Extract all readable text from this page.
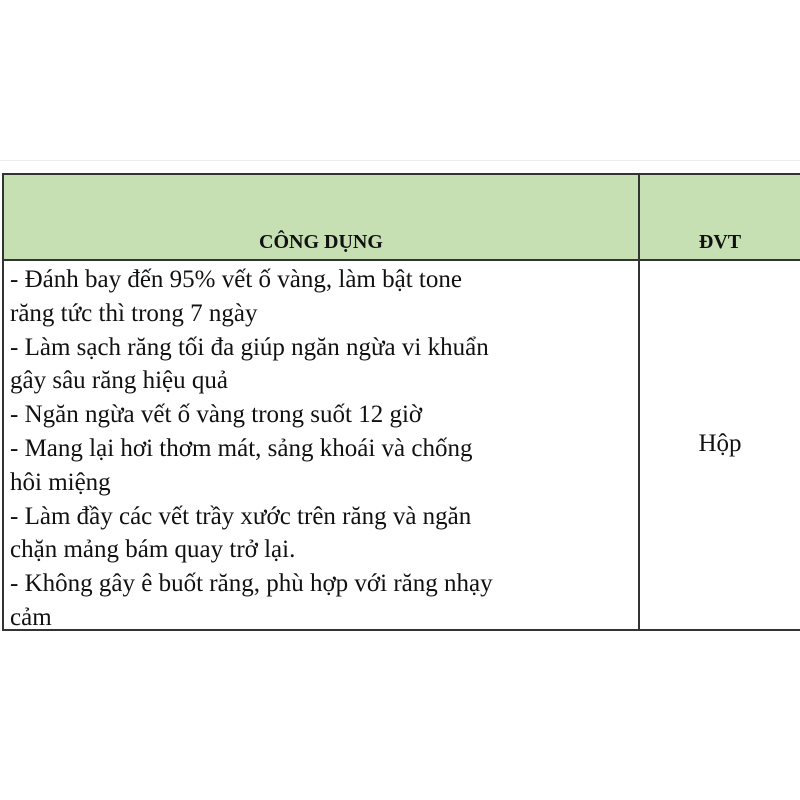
CÔNG DỤNG	ĐVT
- Đánh bay đến 95% vết ố vàng, làm bật tone
răng tức thì trong 7 ngày
- Làm sạch răng tối đa giúp ngăn ngừa vi khuẩn
gây sâu răng hiệu quả
- Ngăn ngừa vết ố vàng trong suốt 12 giờ
- Mang lại hơi thơm mát, sảng khoái và chống
hôi miệng
- Làm đầy các vết trầy xước trên răng và ngăn
chặn mảng bám quay trở lại.
- Không gây ê buốt răng, phù hợp với răng nhạy
cảm
Hộp
